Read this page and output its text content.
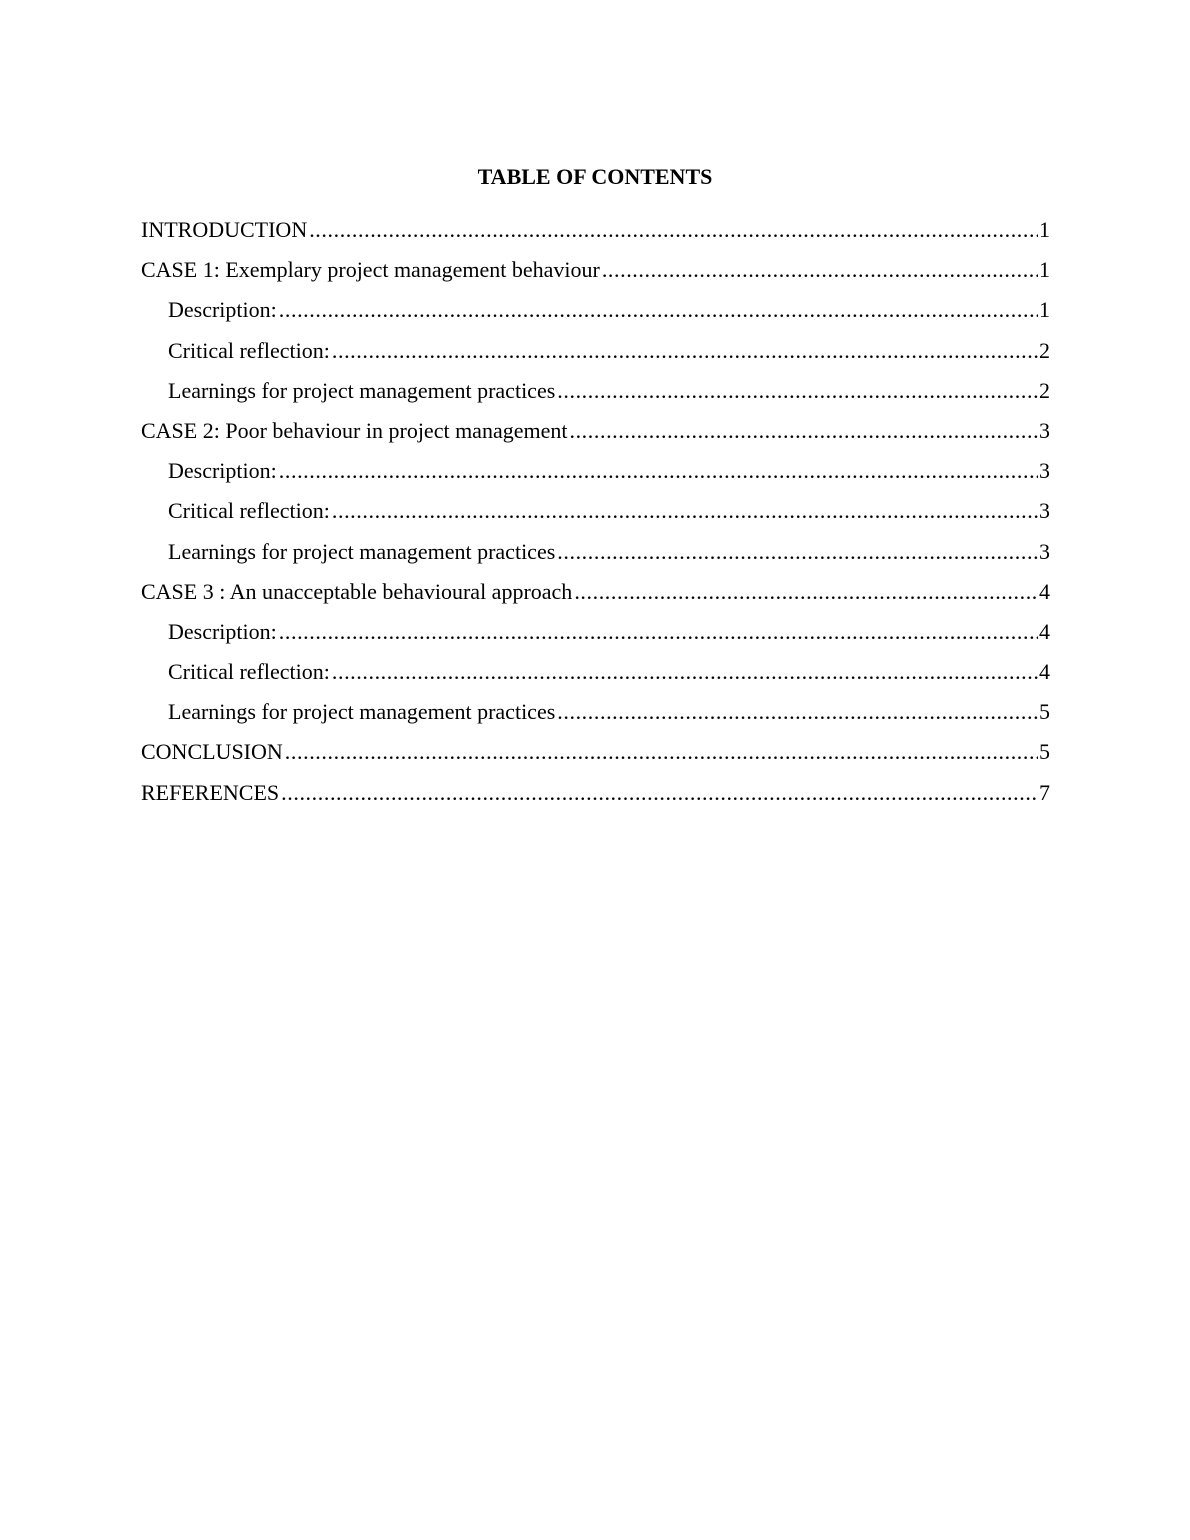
TABLE OF CONTENTS
INTRODUCTION .....	1
CASE 1: Exemplary project management behaviour .....	1
Description: .....	1
Critical reflection: .....	2
Learnings for project management practices .....	2
CASE 2: Poor behaviour in project management .....	3
Description: .....	3
Critical reflection: .....	3
Learnings for project management practices .....	3
CASE 3 : An unacceptable behavioural approach .....	4
Description: .....	4
Critical reflection: .....	4
Learnings for project management practices .....	5
CONCLUSION .....	5
REFERENCES .....	7
